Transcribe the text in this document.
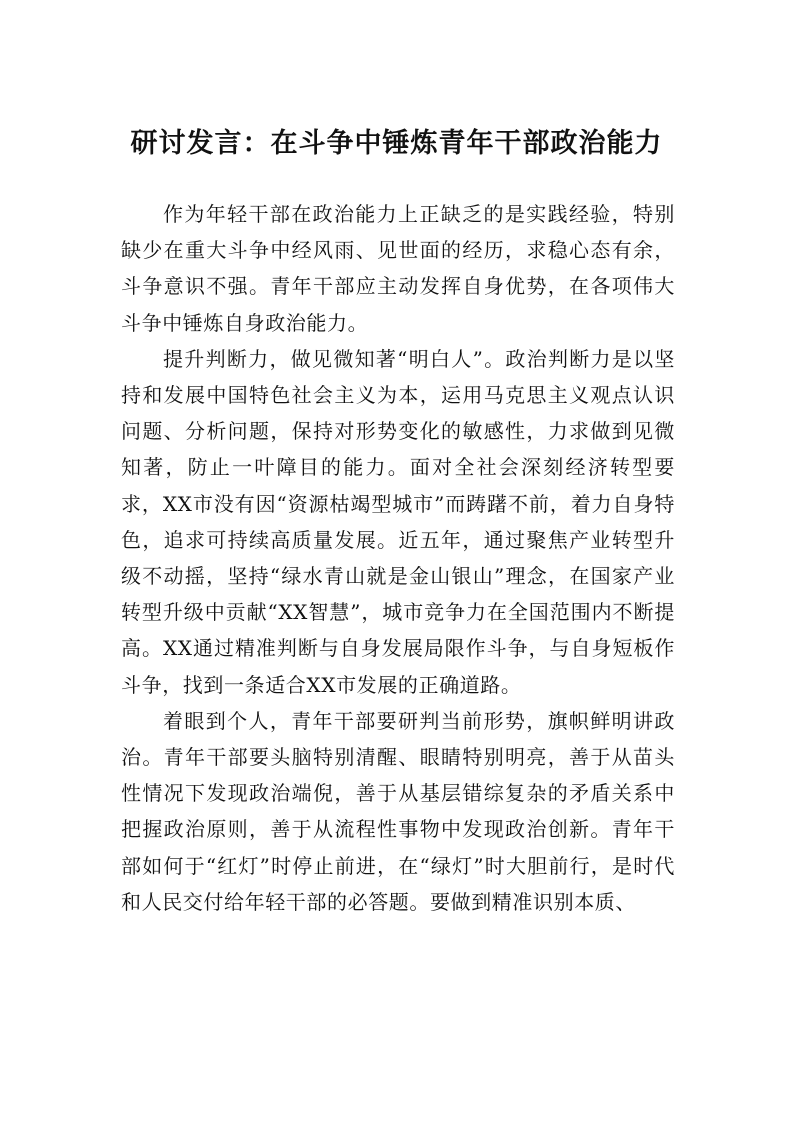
研讨发言：在斗争中锤炼青年干部政治能力

作为年轻干部在政治能力上正缺乏的是实践经验，特别缺少在重大斗争中经风雨、见世面的经历，求稳心态有余，斗争意识不强。青年干部应主动发挥自身优势，在各项伟大斗争中锤炼自身政治能力。

提升判断力，做见微知著“明白人”。政治判断力是以坚持和发展中国特色社会主义为本，运用马克思主义观点认识问题、分析问题，保持对形势变化的敏感性，力求做到见微知著，防止一叶障目的能力。面对全社会深刻经济转型要求，XX市没有因“资源枯竭型城市”而踌躇不前，着力自身特色，追求可持续高质量发展。近五年，通过聚焦产业转型升级不动摇，坚持“绿水青山就是金山银山”理念，在国家产业转型升级中贡献“XX智慧”，城市竞争力在全国范围内不断提高。XX通过精准判断与自身发展局限作斗争，与自身短板作斗争，找到一条适合XX市发展的正确道路。

着眼到个人，青年干部要研判当前形势，旗帜鲜明讲政治。青年干部要头脑特别清醒、眼睛特别明亮，善于从苗头性情况下发现政治端倪，善于从基层错综复杂的矛盾关系中把握政治原则，善于从流程性事物中发现政治创新。青年干部如何于“红灯”时停止前进，在“绿灯”时大胆前行，是时代和人民交付给年轻干部的必答题。要做到精准识别本质、
